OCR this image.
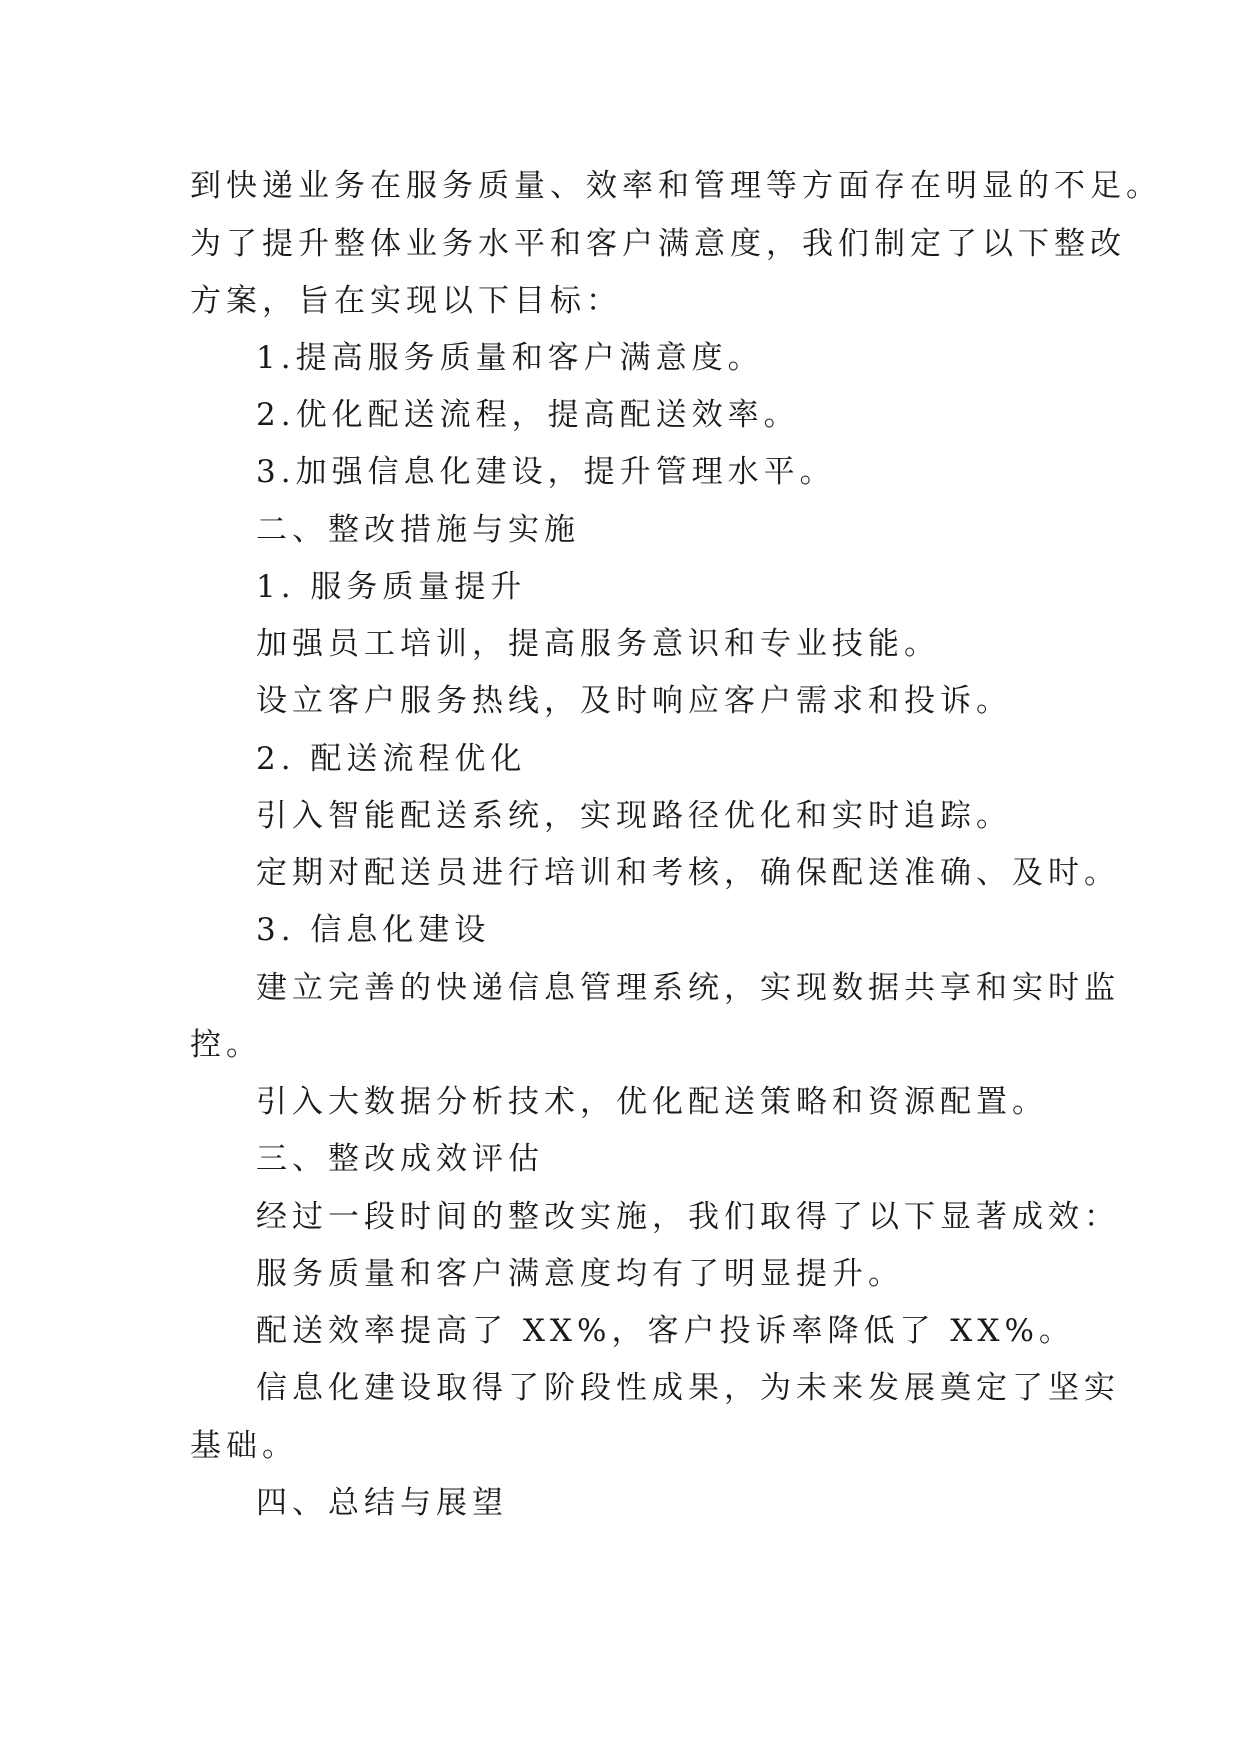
到快递业务在服务质量、效率和管理等方面存在明显的不足。

为了提升整体业务水平和客户满意度，我们制定了以下整改

方案，旨在实现以下目标：

1.提高服务质量和客户满意度。

2.优化配送流程，提高配送效率。

3.加强信息化建设，提升管理水平。

二、整改措施与实施

1. 服务质量提升

加强员工培训，提高服务意识和专业技能。

设立客户服务热线，及时响应客户需求和投诉。

2. 配送流程优化

引入智能配送系统，实现路径优化和实时追踪。

定期对配送员进行培训和考核，确保配送准确、及时。

3. 信息化建设

建立完善的快递信息管理系统，实现数据共享和实时监

控。

引入大数据分析技术，优化配送策略和资源配置。

三、整改成效评估

经过一段时间的整改实施，我们取得了以下显著成效：

服务质量和客户满意度均有了明显提升。

配送效率提高了 XX%，客户投诉率降低了 XX%。

信息化建设取得了阶段性成果，为未来发展奠定了坚实

基础。

四、总结与展望
